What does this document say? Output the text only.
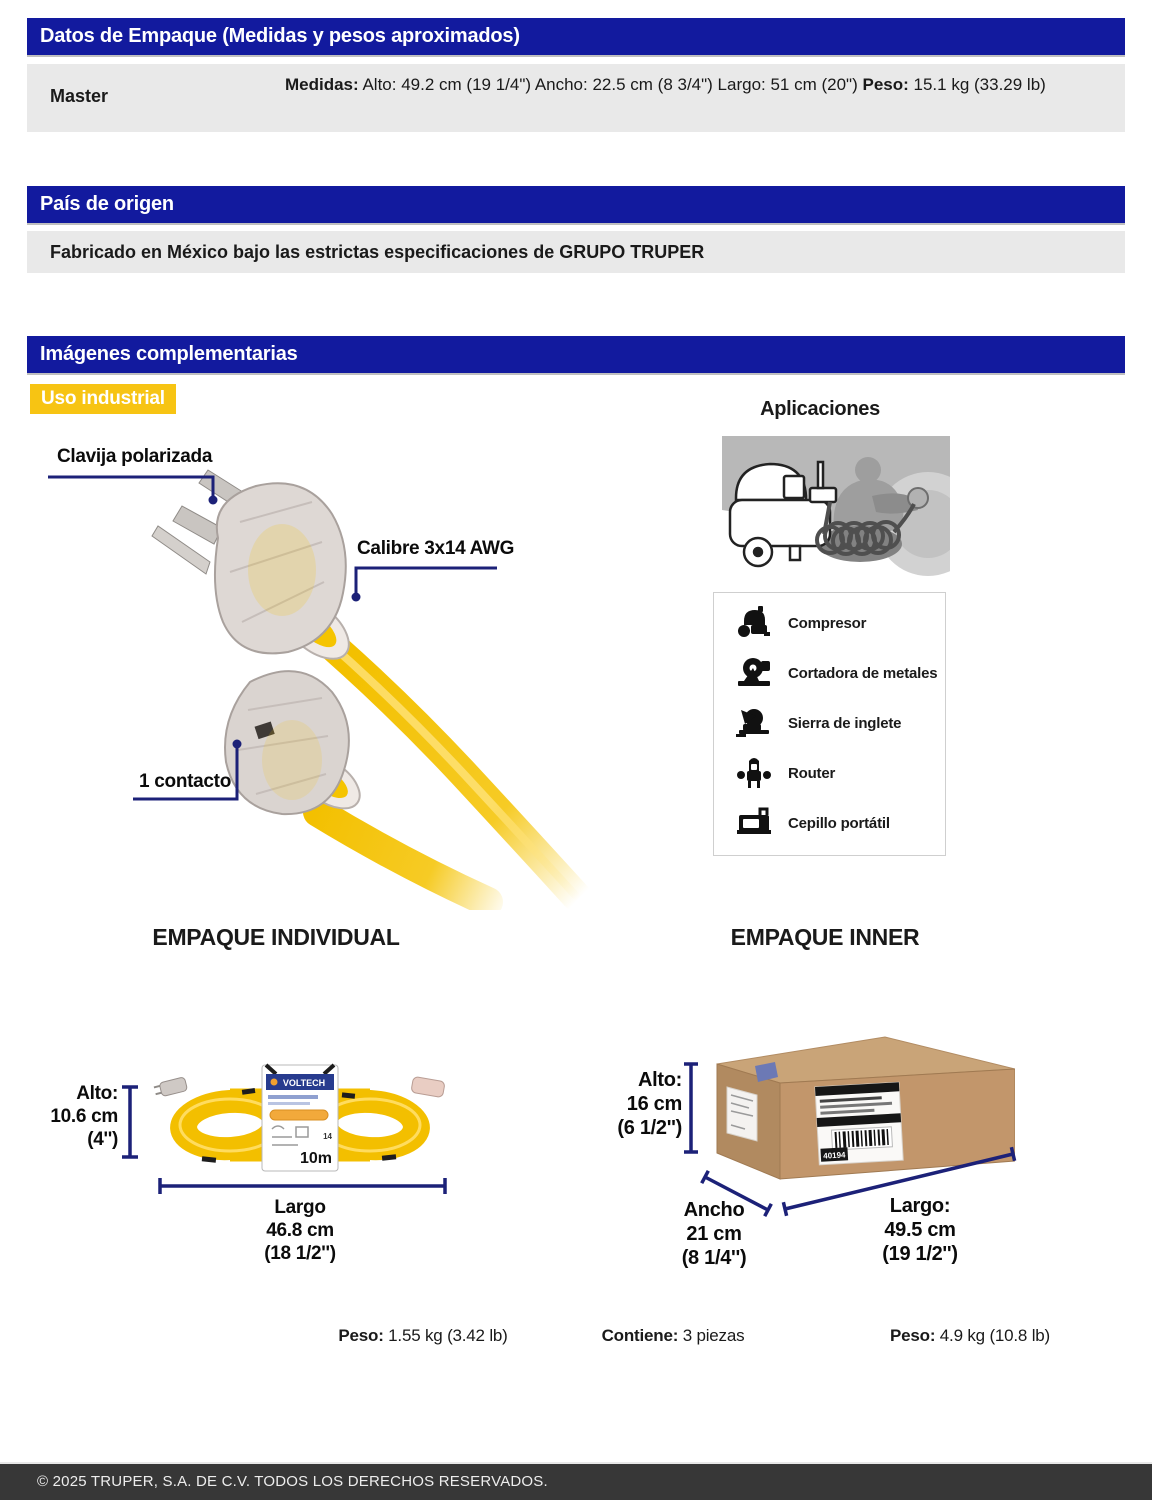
Datos de Empaque (Medidas y pesos aproximados)
Master
Medidas: Alto: 49.2 cm (19 1/4") Ancho: 22.5 cm (8 3/4") Largo: 51 cm (20") Peso: 15.1 kg (33.29 lb)
País de origen
Fabricado en México bajo las estrictas especificaciones de GRUPO TRUPER
Imágenes complementarias
Uso industrial
Clavija polarizada
Calibre 3x14 AWG
1 contacto
Aplicaciones
Compresor
Cortadora de metales
Sierra de inglete
Router
Cepillo portátil
EMPAQUE INDIVIDUAL
VOLTECH
14
10m
Alto:
10.6 cm
(4'')
Largo
46.8 cm
(18 1/2'')
EMPAQUE INNER
40194
Alto:
16 cm
(6 1/2'')
Ancho
21 cm
(8 1/4'')
Largo:
49.5 cm
(19 1/2'')
Peso: 1.55 kg (3.42 lb)	Contiene: 3 piezas	Peso: 4.9 kg (10.8 lb)
© 2025 TRUPER, S.A. DE C.V. TODOS LOS DERECHOS RESERVADOS.
